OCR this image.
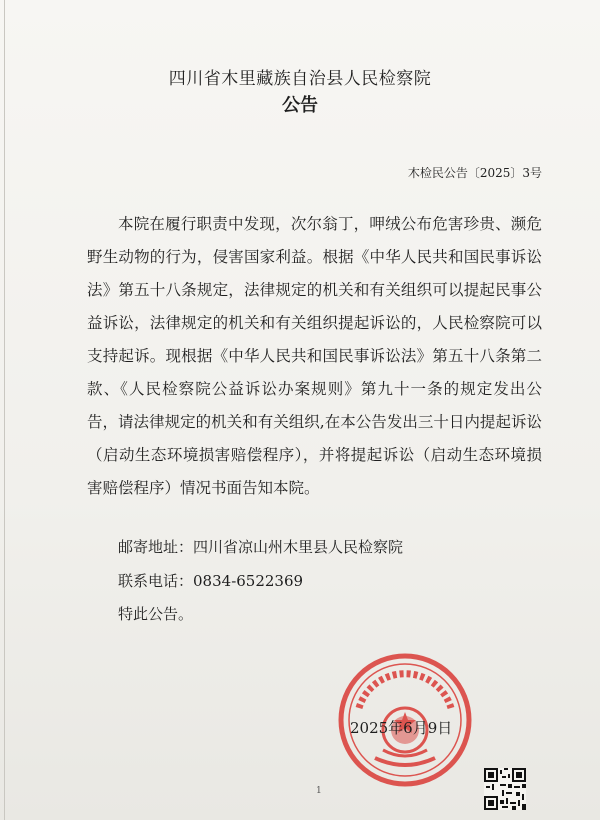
四川省木里藏族自治县人民检察院
公告
木检民公告〔2025〕3号

本院在履行职责中发现，次尔翁丁，呷绒公布危害珍贵、濒危野生动物的行为，侵害国家利益。根据《中华人民共和国民事诉讼法》第五十八条规定，法律规定的机关和有关组织可以提起民事公益诉讼，法律规定的机关和有关组织提起诉讼的，人民检察院可以支持起诉。现根据《中华人民共和国民事诉讼法》第五十八条第二款、《人民检察院公益诉讼办案规则》第九十一条的规定发出公告，请法律规定的机关和有关组织,在本公告发出三十日内提起诉讼（启动生态环境损害赔偿程序），并将提起诉讼（启动生态环境损害赔偿程序）情况书面告知本院。

邮寄地址：四川省凉山州木里县人民检察院
联系电话：0834-6522369
特此公告。
2025年6月9日
1
